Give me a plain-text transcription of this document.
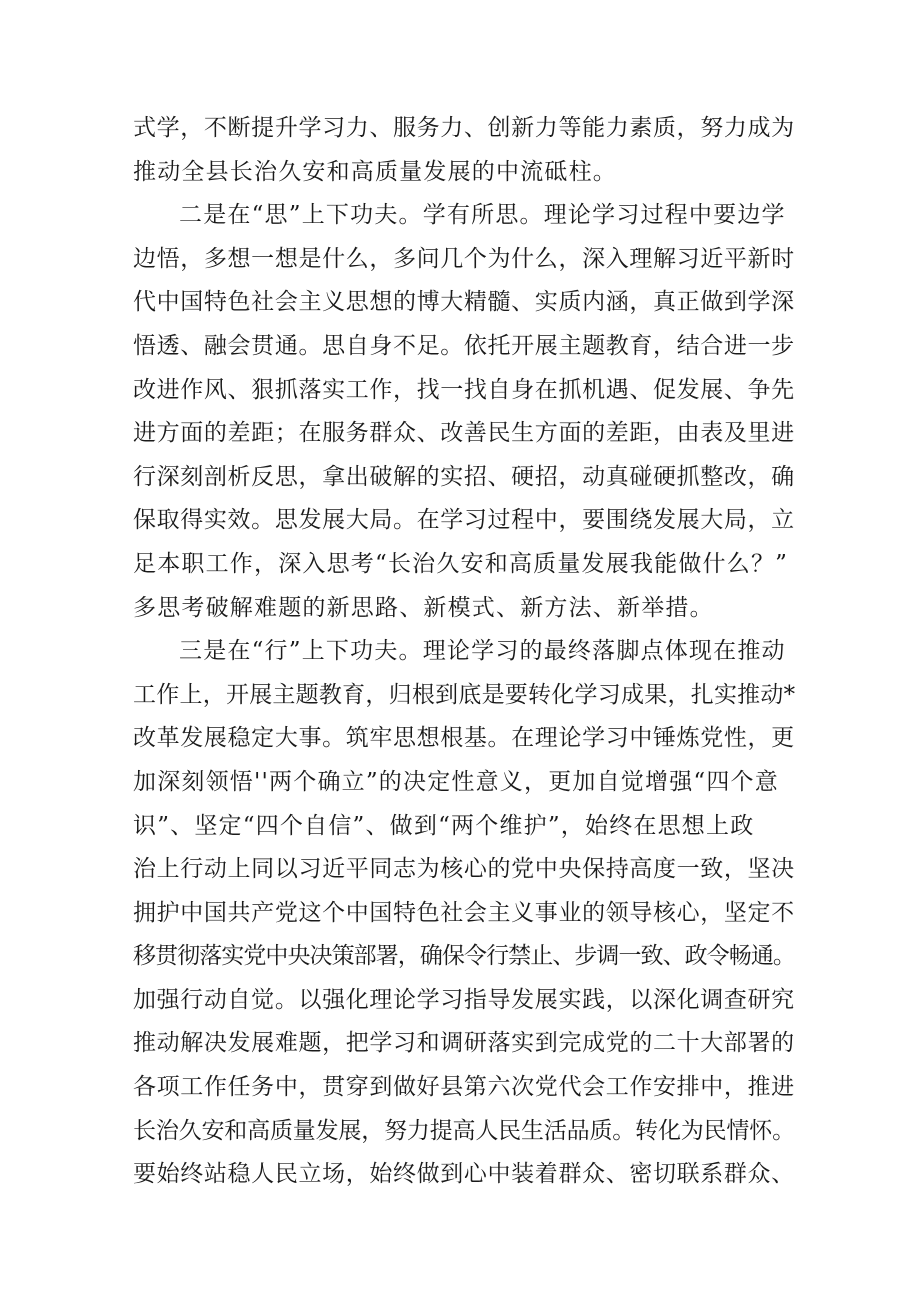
式学，不断提升学习力、服务力、创新力等能力素质，努力成为
推动全县长治久安和高质量发展的中流砥柱。
二是在“思”上下功夫。学有所思。理论学习过程中要边学
边悟，多想一想是什么，多问几个为什么，深入理解习近平新时
代中国特色社会主义思想的博大精髓、实质内涵，真正做到学深
悟透、融会贯通。思自身不足。依托开展主题教育，结合进一步
改进作风、狠抓落实工作，找一找自身在抓机遇、促发展、争先
进方面的差距；在服务群众、改善民生方面的差距，由表及里进
行深刻剖析反思，拿出破解的实招、硬招，动真碰硬抓整改，确
保取得实效。思发展大局。在学习过程中，要围绕发展大局，立
足本职工作，深入思考“长治久安和高质量发展我能做什么？”
多思考破解难题的新思路、新模式、新方法、新举措。
三是在“行”上下功夫。理论学习的最终落脚点体现在推动
工作上，开展主题教育，归根到底是要转化学习成果，扎实推动*
改革发展稳定大事。筑牢思想根基。在理论学习中锤炼党性，更
加深刻领悟''两个确立”的决定性意义，更加自觉增强“四个意
识”、坚定“四个自信”、做到“两个维护”，始终在思想上政
治上行动上同以习近平同志为核心的党中央保持高度一致，坚决
拥护中国共产党这个中国特色社会主义事业的领导核心，坚定不
移贯彻落实党中央决策部署，确保令行禁止、步调一致、政令畅通。
加强行动自觉。以强化理论学习指导发展实践，以深化调查研究
推动解决发展难题，把学习和调研落实到完成党的二十大部署的
各项工作任务中，贯穿到做好县第六次党代会工作安排中，推进
长治久安和高质量发展，努力提高人民生活品质。转化为民情怀。
要始终站稳人民立场，始终做到心中装着群众、密切联系群众、
